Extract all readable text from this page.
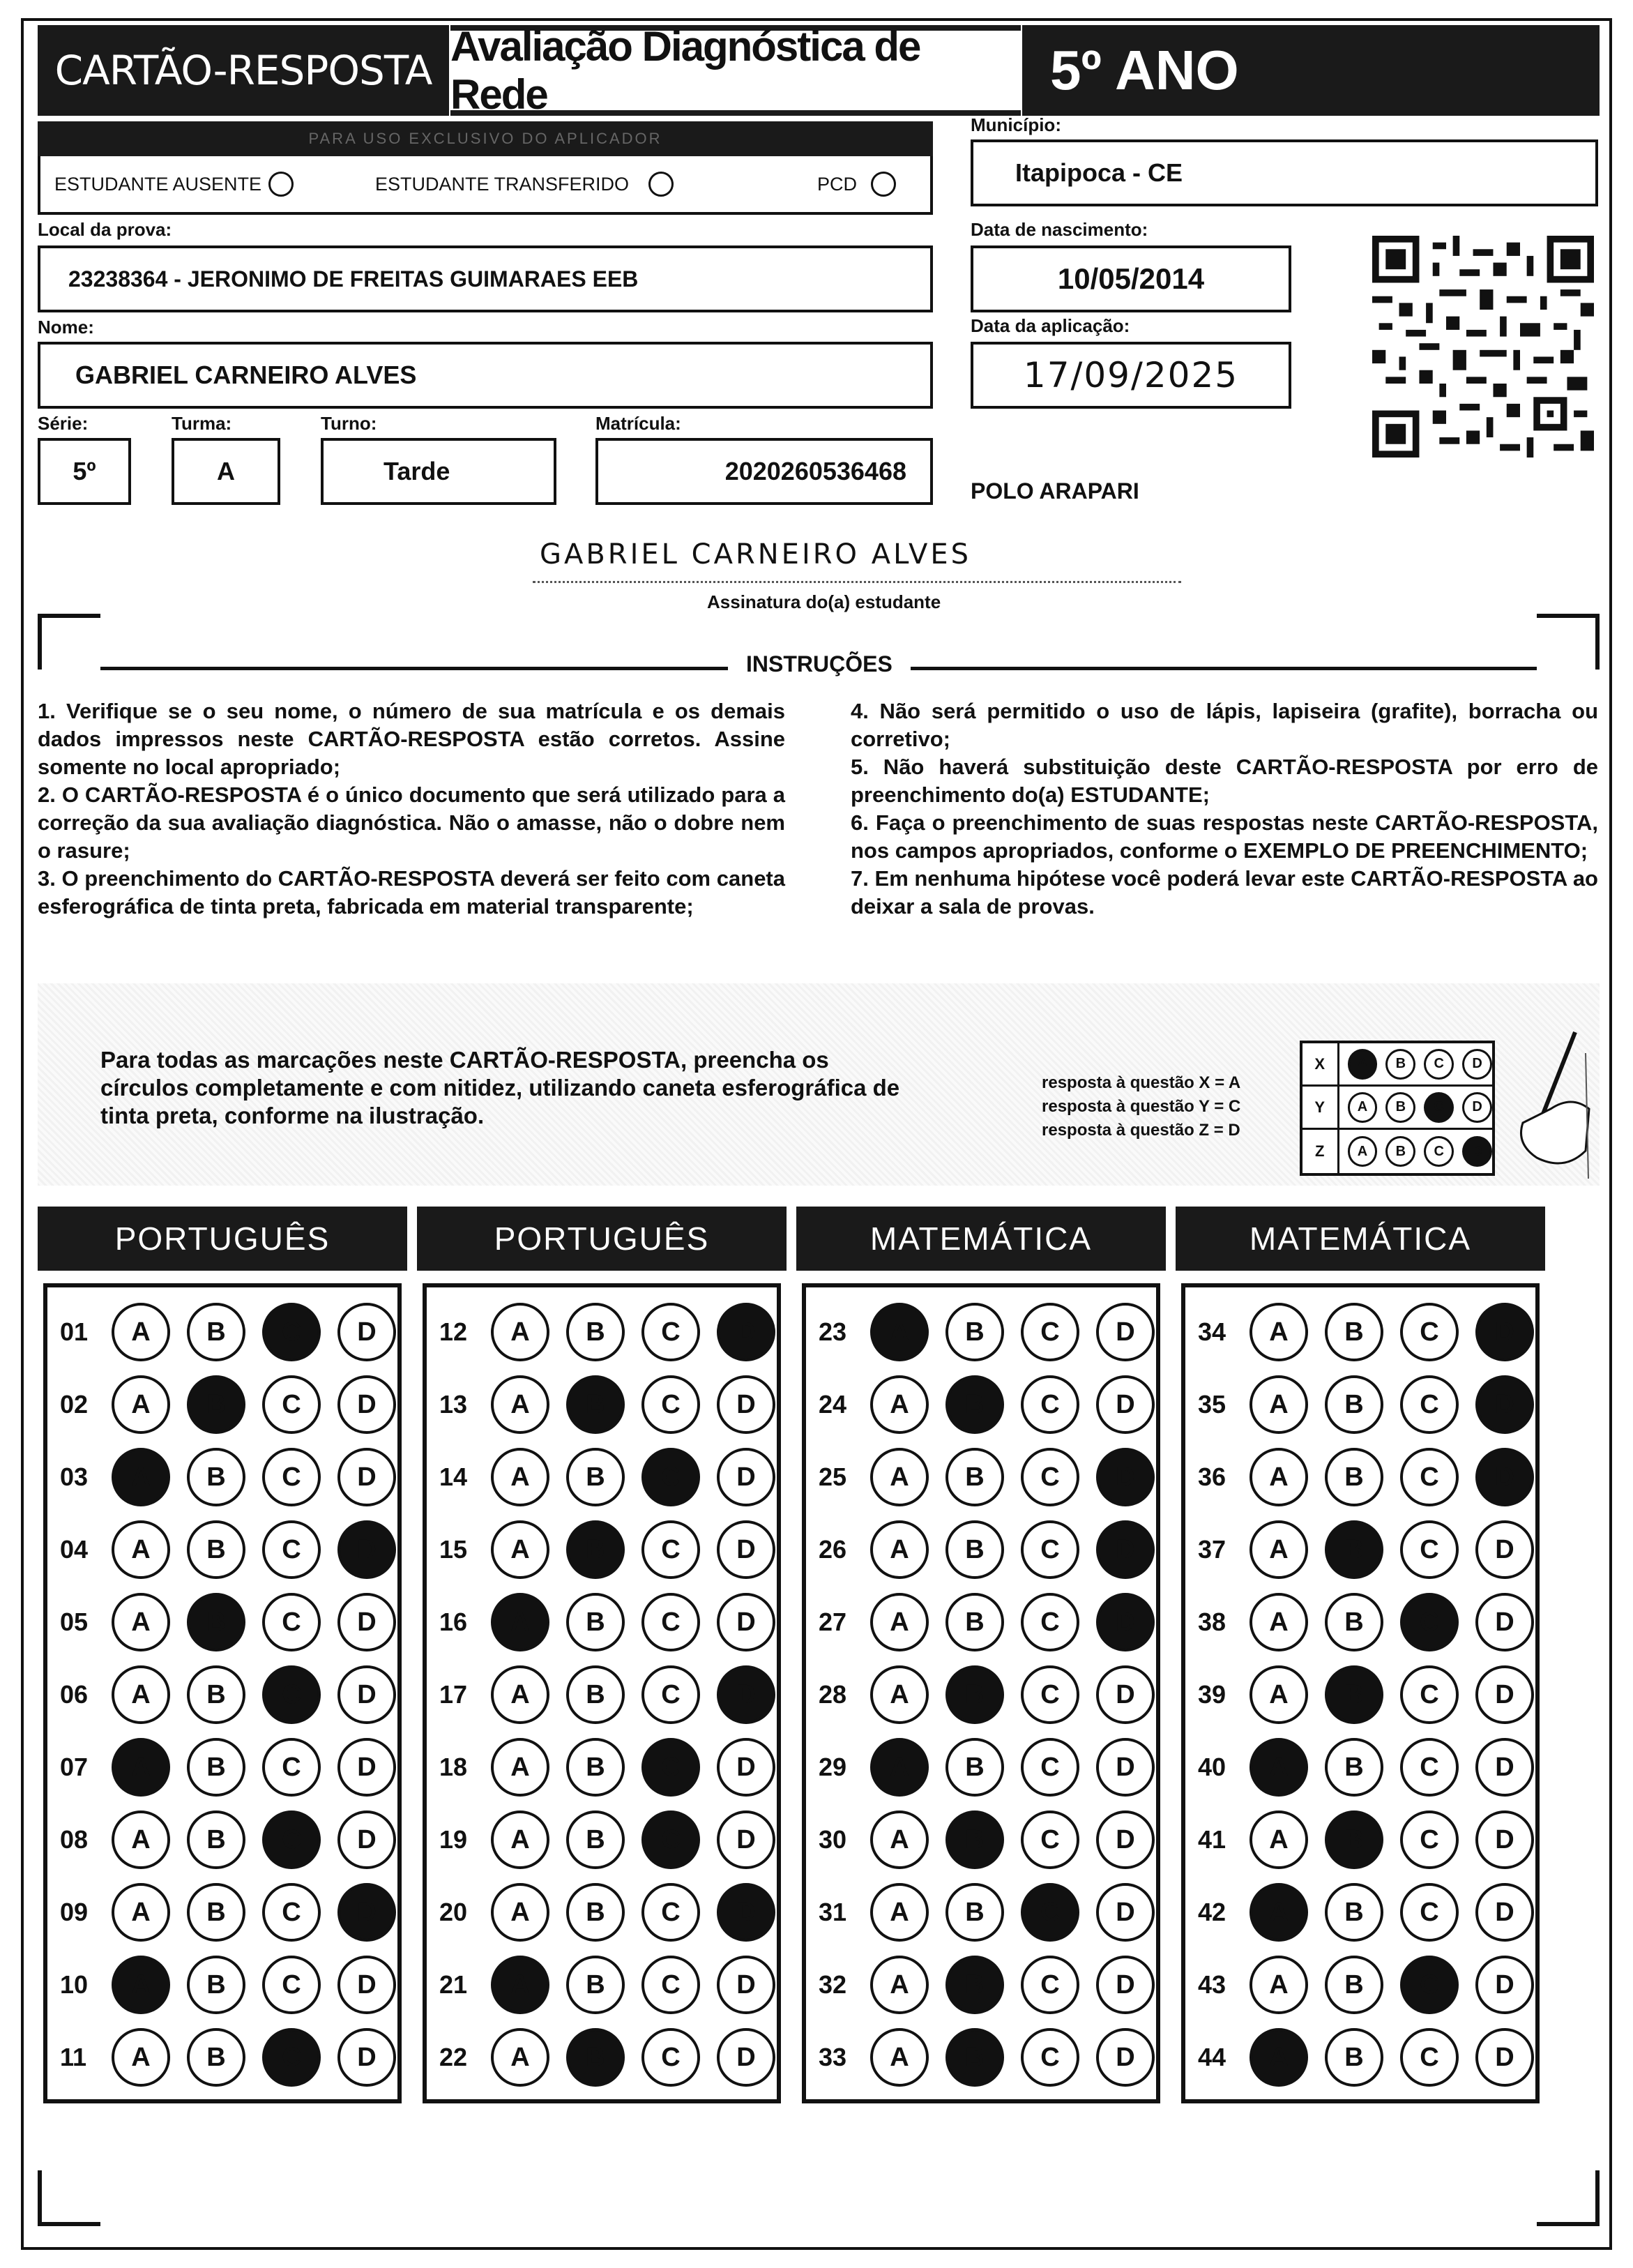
CARTÃO-RESPOSTA
Avaliação Diagnóstica de Rede	5º ANO
PARA USO EXCLUSIVO DO APLICADOR
ESTUDANTE AUSENTE	ESTUDANTE TRANSFERIDO	PCD
Município:
Itapipoca - CE
Local da prova:
23238364 - JERONIMO DE FREITAS GUIMARAES EEB
Data de nascimento:
10/05/2014
Nome:
GABRIEL CARNEIRO ALVES
Data da aplicação:
17/09/2025
Série:
5º
Turma:
A
Turno:
Tarde
Matrícula:
2020260536468
POLO ARAPARI
GABRIEL CARNEIRO ALVES
Assinatura do(a) estudante
INSTRUÇÕES

1. Verifique se o seu nome, o número de sua matrícula e os demais dados impressos neste CARTÃO-RESPOSTA estão corretos. Assine somente no local apropriado;

2. O CARTÃO-RESPOSTA é o único documento que será utilizado para a correção da sua avaliação diagnóstica. Não o amasse, não o dobre nem o rasure;

3. O preenchimento do CARTÃO-RESPOSTA deverá ser feito com caneta esferográfica de tinta preta, fabricada em material transparente;

4. Não será permitido o uso de lápis, lapiseira (grafite), borracha ou corretivo;

5. Não haverá substituição deste CARTÃO-RESPOSTA por erro de preenchimento do(a) ESTUDANTE;

6. Faça o preenchimento de suas respostas neste CARTÃO-RESPOSTA, nos campos apropriados, conforme o EXEMPLO DE PREENCHIMENTO;

7. Em nenhuma hipótese você poderá levar este CARTÃO-RESPOSTA ao deixar a sala de provas.

Para todas as marcações neste CARTÃO-RESPOSTA, preencha os círculos completamente e com nitidez, utilizando caneta esferográfica de tinta preta, conforme na ilustração.
resposta à questão X = A
resposta à questão Y = C
resposta à questão Z = D
X	A	B	C	D
Y	A	B	C	D
Z	A	B	C	D
PORTUGUÊS
01	A	B	C	D
02	A	B	C	D
03	A	B	C	D
04	A	B	C	D
05	A	B	C	D
06	A	B	C	D
07	A	B	C	D
08	A	B	C	D
09	A	B	C	D
10	A	B	C	D
11	A	B	C	D
PORTUGUÊS
12	A	B	C	D
13	A	B	C	D
14	A	B	C	D
15	A	B	C	D
16	A	B	C	D
17	A	B	C	D
18	A	B	C	D
19	A	B	C	D
20	A	B	C	D
21	A	B	C	D
22	A	B	C	D
MATEMÁTICA
23	A	B	C	D
24	A	B	C	D
25	A	B	C	D
26	A	B	C	D
27	A	B	C	D
28	A	B	C	D
29	A	B	C	D
30	A	B	C	D
31	A	B	C	D
32	A	B	C	D
33	A	B	C	D
MATEMÁTICA
34	A	B	C	D
35	A	B	C	D
36	A	B	C	D
37	A	B	C	D
38	A	B	C	D
39	A	B	C	D
40	A	B	C	D
41	A	B	C	D
42	A	B	C	D
43	A	B	C	D
44	A	B	C	D
